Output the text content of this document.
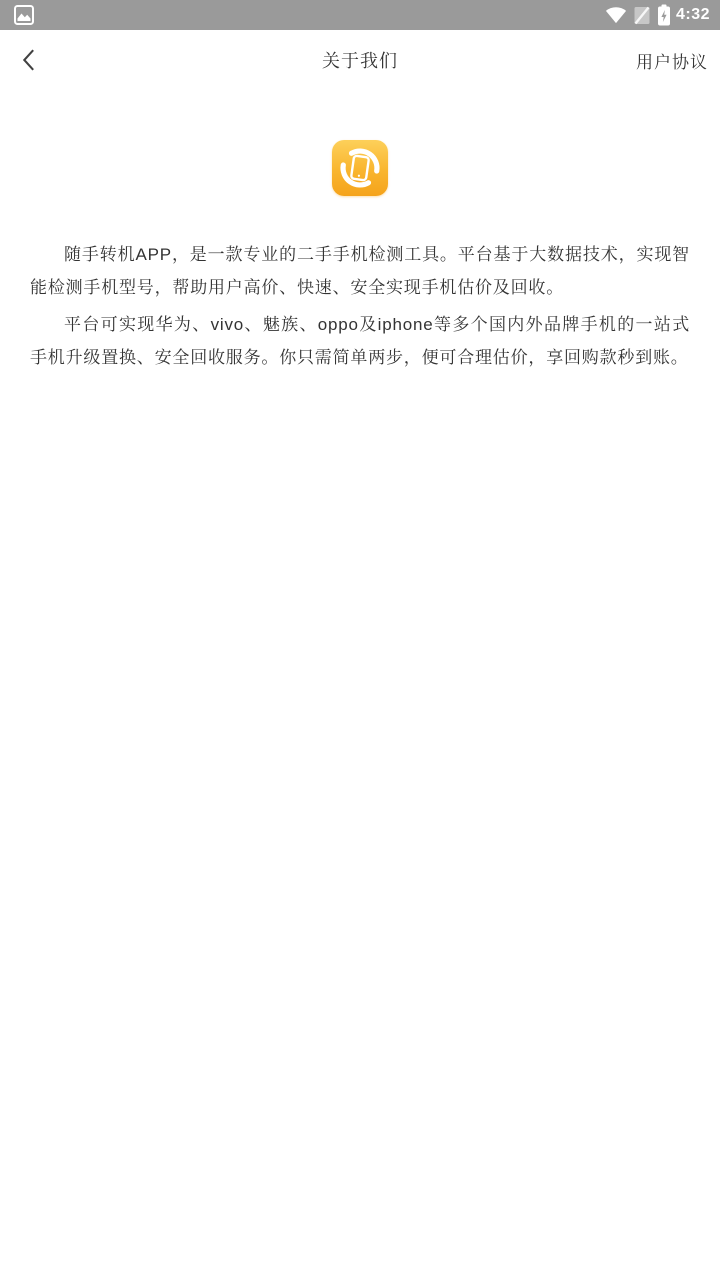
4:32
关于我们	用户协议

随手转机APP，是一款专业的二手手机检测工具。平台基于大数据技术，实现智能检测手机型号，帮助用户高价、快速、安全实现手机估价及回收。

平台可实现华为、vivo、魅族、oppo及iphone等多个国内外品牌手机的一站式手机升级置换、安全回收服务。你只需简单两步，便可合理估价，享回购款秒到账。
